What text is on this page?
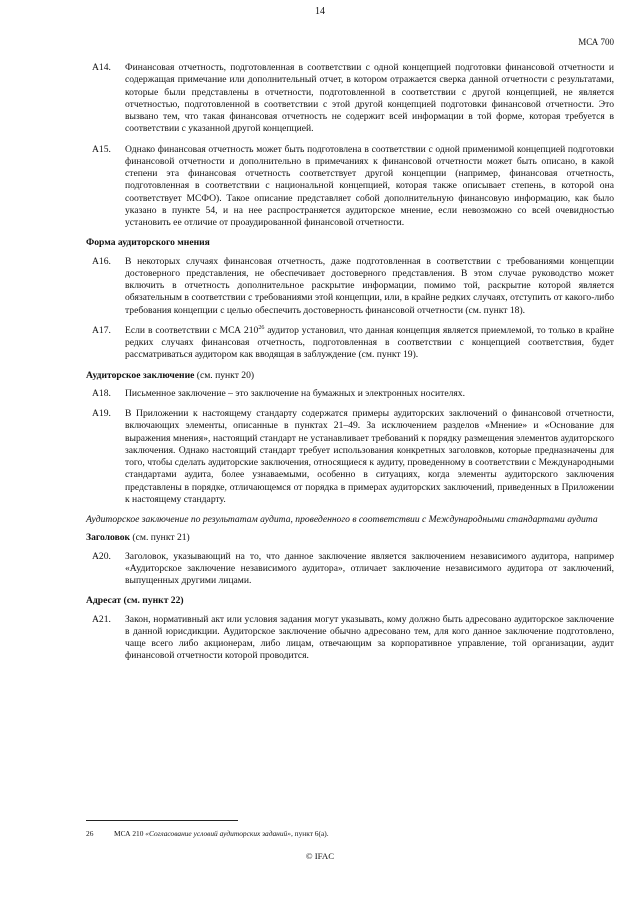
14
МСА 700
А14.	Финансовая отчетность, подготовленная в соответствии с одной концепцией подготовки финансовой отчетности и содержащая примечание или дополнительный отчет, в котором отражается сверка данной отчетности с результатами, которые были представлены в отчетности, подготовленной в соответствии с другой концепцией, не является отчетностью, подготовленной в соответствии с этой другой концепцией подготовки финансовой отчетности. Это вызвано тем, что такая финансовая отчетность не содержит всей информации в той форме, которая требуется в соответствии с указанной другой концепцией.
А15.	Однако финансовая отчетность может быть подготовлена в соответствии с одной применимой концепцией подготовки финансовой отчетности и дополнительно в примечаниях к финансовой отчетности может быть описано, в какой степени эта финансовая отчетность соответствует другой концепции (например, финансовая отчетность, подготовленная в соответствии с национальной концепцией, которая также описывает степень, в которой она соответствует МСФО). Такое описание представляет собой дополнительную финансовую информацию, как было указано в пункте 54, и на нее распространяется аудиторское мнение, если невозможно со всей очевидностью установить ее отличие от проаудированной финансовой отчетности.
Форма аудиторского мнения
А16.	В некоторых случаях финансовая отчетность, даже подготовленная в соответствии с требованиями концепции достоверного представления, не обеспечивает достоверного представления. В этом случае руководство может включить в отчетность дополнительное раскрытие информации, помимо той, раскрытие которой является обязательным в соответствии с требованиями этой концепции, или, в крайне редких случаях, отступить от какого-либо требования концепции с целью обеспечить достоверность финансовой отчетности (см. пункт 18).
А17.	Если в соответствии с МСА $210^{26}$ аудитор установил, что данная концепция является приемлемой, то только в крайне редких случаях финансовая отчетность, подготовленная в соответствии с концепцией соответствия, будет рассматриваться аудитором как вводящая в заблуждение (см. пункт 19).
Аудиторское заключение (см. пункт 20)
А18.	Письменное заключение – это заключение на бумажных и электронных носителях.
А19.	В Приложении к настоящему стандарту содержатся примеры аудиторских заключений о финансовой отчетности, включающих элементы, описанные в пунктах 21–49. За исключением разделов «Мнение» и «Основание для выражения мнения», настоящий стандарт не устанавливает требований к порядку размещения элементов аудиторского заключения. Однако настоящий стандарт требует использования конкретных заголовков, которые предназначены для того, чтобы сделать аудиторские заключения, относящиеся к аудиту, проведенному в соответствии с Международными стандартами аудита, более узнаваемыми, особенно в ситуациях, когда элементы аудиторского заключения представлены в порядке, отличающемся от порядка в примерах аудиторских заключений, приведенных в Приложении к настоящему стандарту.
Аудиторское заключение по результатам аудита, проведенного в соответствии с Международными стандартами аудита
Заголовок (см. пункт 21)
А20.	Заголовок, указывающий на то, что данное заключение является заключением независимого аудитора, например «Аудиторское заключение независимого аудитора», отличает заключение независимого аудитора от заключений, выпущенных другими лицами.
Адресат (см. пункт 22)
А21.	Закон, нормативный акт или условия задания могут указывать, кому должно быть адресовано аудиторское заключение в данной юрисдикции. Аудиторское заключение обычно адресовано тем, для кого данное заключение подготовлено, чаще всего либо акционерам, либо лицам, отвечающим за корпоративное управление, той организации, аудит финансовой отчетности которой проводится.
26	МСА 210 «Согласование условий аудиторских заданий», пункт 6(а).
© IFAC
